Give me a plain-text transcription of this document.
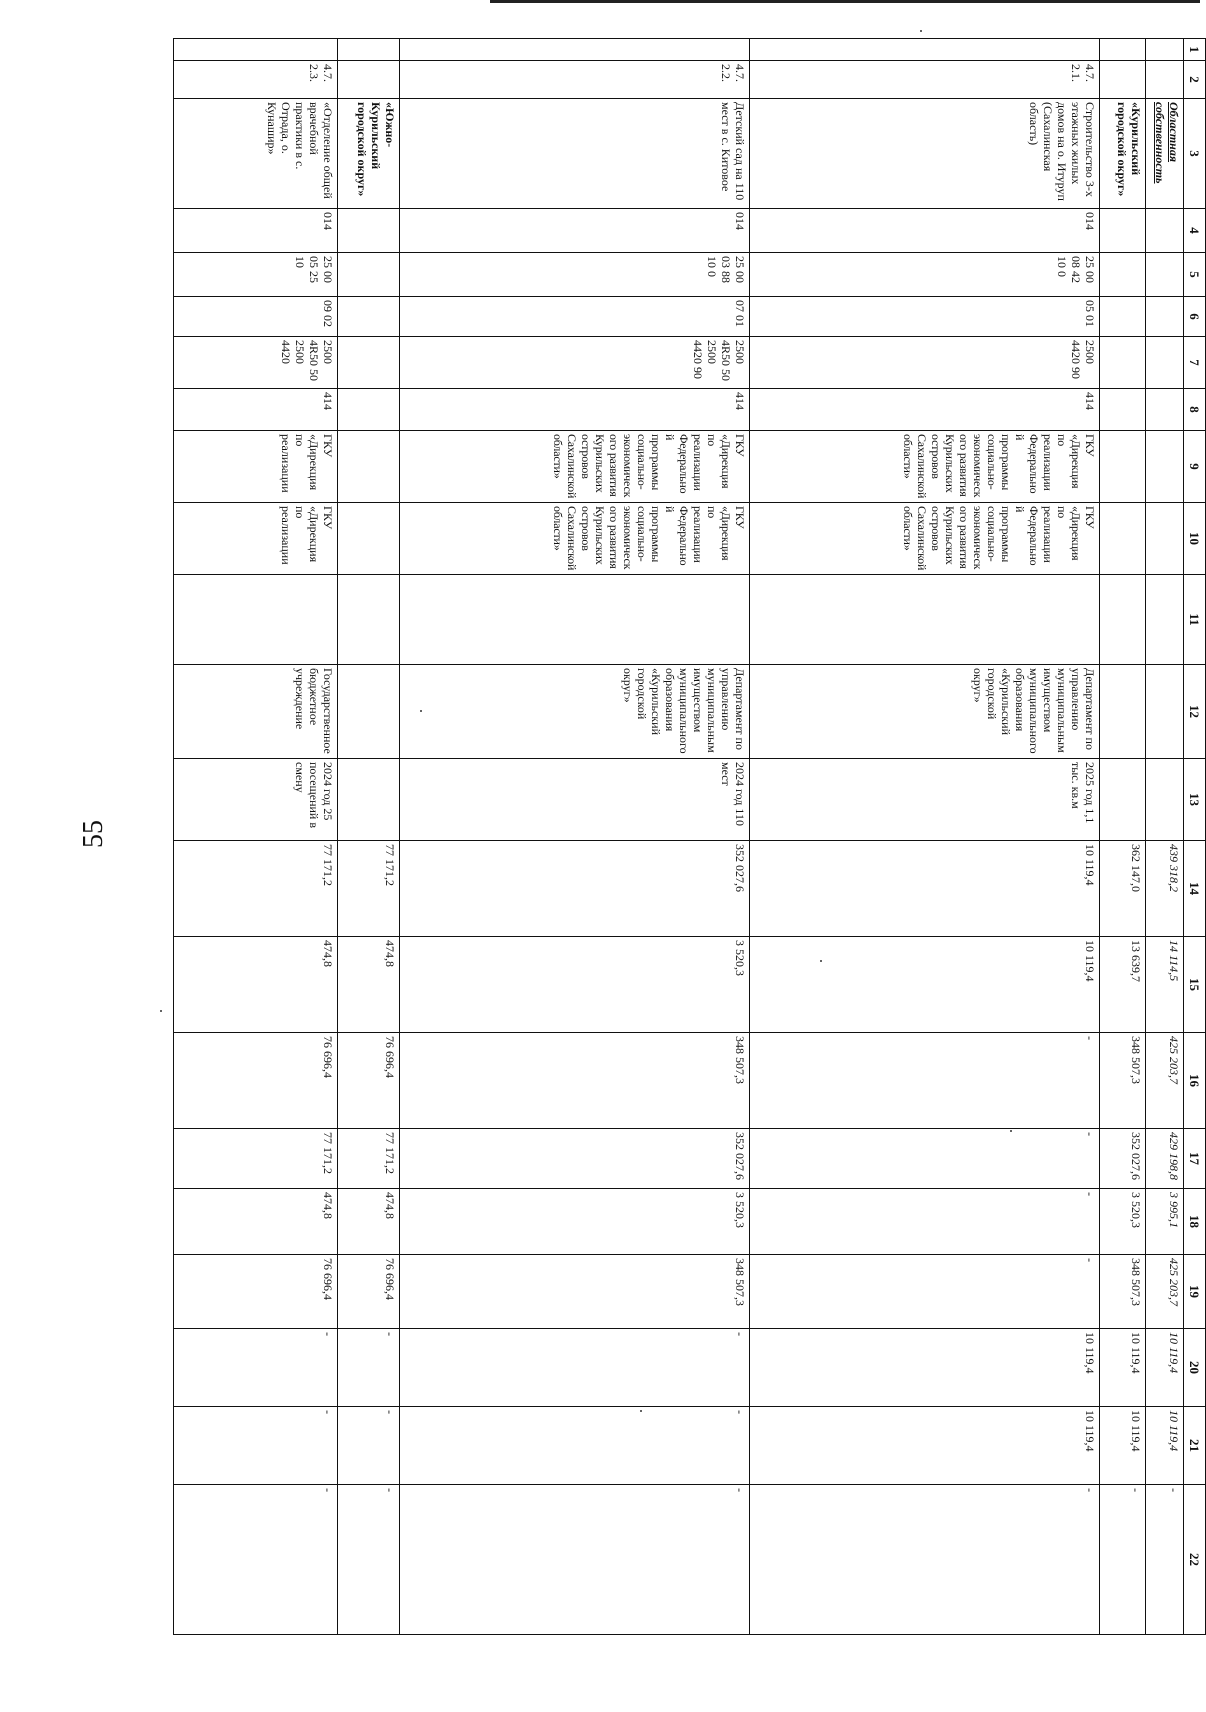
55
1	2	3	4	5	6	7	8	9	10	11	12	13	14	15	16	17	18	19	20	21	22
		Областная собственность											439 318,2	14 114,5	425 203,7	429 198,8	3 995,1	425 203,7	10 119,4	10 119,4	-
		«Курильский городской округ»											362 147,0	13 639,7	348 507,3	352 027,6	3 520,3	348 507,3	10 119,4	10 119,4	-
	4.7. 2.1.	Строительство 3-х этажных жилых домов на о. Итуруп (Сахалинская область)	014	25 00 08 42 10 0	05 01	2500 4420 90	414	ГКУ «Дирекция по реализации Федеральной программы социально-экономического развития Курильских островов Сахалинской области»	ГКУ «Дирекция по реализации Федеральной программы социально-экономического развития Курильских островов Сахалинской области»		Департамент по управлению муниципальным имуществом муниципального образования «Курильский городской округ»	2025 год 1,1 тыс. кв.м	10 119,4	10 119,4	-	-	-	-	10 119,4	10 119,4	-
	4.7. 2.2.	Детский сад на 110 мест в с. Китовое	014	25 00 03 88 10 0	07 01	2500 4R50 50 2500 4420 90	414	ГКУ «Дирекция по реализации Федеральной программы социально-экономического развития Курильских островов Сахалинской области»	ГКУ «Дирекция по реализации Федеральной программы социально-экономического развития Курильских островов Сахалинской области»		Департамент по управлению муниципальным имуществом муниципального образования «Курильский городской округ»	2024 год 110 мест	352 027,6	3 520,3	348 507,3	352 027,6	3 520,3	348 507,3	-	-	-
		«Южно-Курильский городской округ»											77 171,2	474,8	76 696,4	77 171,2	474,8	76 696,4	-	-	-
	4.7. 2.3.	«Отделение общей врачебной практики в с. Отрада, о. Кунашир»	014	25 00 05 25 10	09 02	2500 4R50 50 2500 4420	414	ГКУ «Дирекция по реализации	ГКУ «Дирекция по реализации		Государственное бюджетное учреждение	2024 год 25 посещений в смену	77 171,2	474,8	76 696,4	77 171,2	474,8	76 696,4	-	-	-
